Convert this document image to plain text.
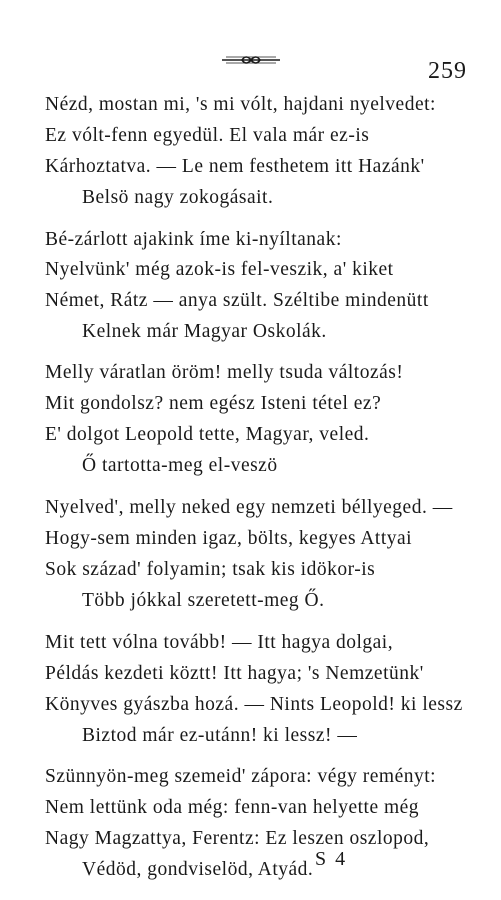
259
Nézd, mostan mi, 's mi vólt, hajdani nyelvedet:
Ez vólt-fenn egyedül. El vala már ez-is
Kárhoztatva. — Le nem festhetem itt Hazánk'
Belsö nagy zokogásait.
Bé-zárlott ajakink íme ki-nyíltanak:
Nyelvünk' még azok-is fel-veszik, a' kiket
Német, Rátz — anya szült. Széltibe mindenütt
Kelnek már Magyar Oskolák.
Melly váratlan öröm! melly tsuda változás!
Mit gondolsz? nem egész Isteni tétel ez?
E' dolgot Leopold tette, Magyar, veled.
Ő tartotta-meg el-veszö
Nyelved', melly neked egy nemzeti béllyeged. —
Hogy-sem minden igaz, bölts, kegyes Attyai
Sok század' folyamin; tsak kis idökor-is
Több jókkal szeretett-meg Ő.
Mit tett vólna tovább! — Itt hagya dolgai,
Példás kezdeti köztt! Itt hagya; 's Nemzetünk'
Könyves gyászba hozá. — Nints Leopold! ki lessz
Biztod már ez-utánn! ki lessz! —
Szünnyön-meg szemeid' zápora: végy reményt:
Nem lettünk oda még: fenn-van helyette még
Nagy Magzattya, Ferentz: Ez leszen oszlopod,
Védöd, gondviselöd, Atyád. S 4
